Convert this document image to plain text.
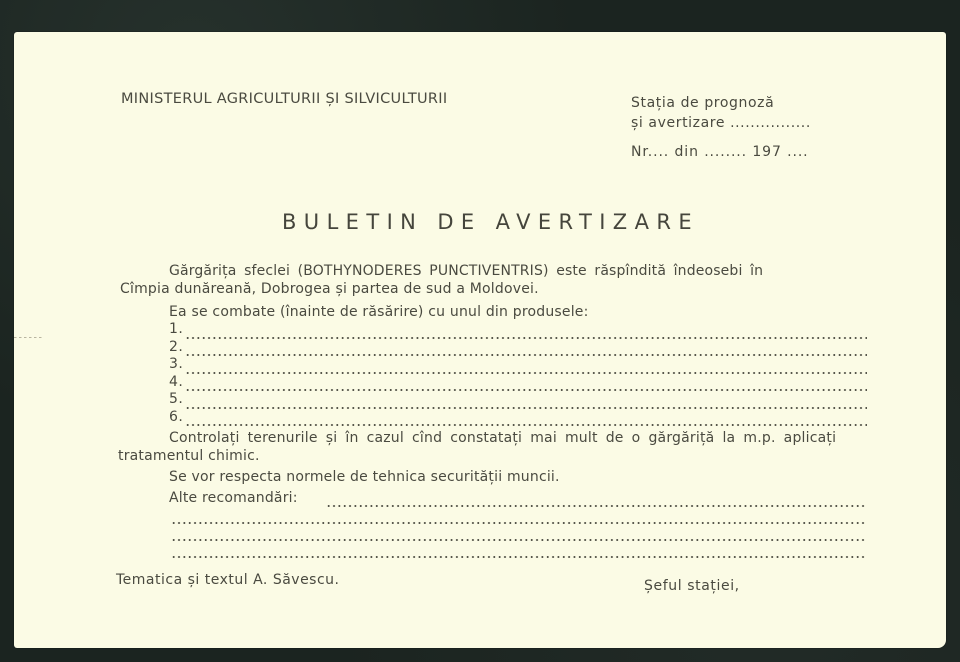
MINISTERUL AGRICULTURII ȘI SILVICULTURII	Stația de prognoză
și avertizare ................
Nr.... din ........ 197 ....
BULETIN DE AVERTIZARE
Gărgărița sfeclei (BOTHYNODERES PUNCTIVENTRIS) este răspîndită îndeosebi în
Cîmpia dunăreană, Dobrogea și partea de sud a Moldovei.
Ea se combate (înainte de răsărire) cu unul din produsele:
1.
2.
3.
4.
5.
6.
Controlați terenurile și în cazul cînd constatați mai mult de o gărgăriță la m.p. aplicați
tratamentul chimic.
Se vor respecta normele de tehnica securității muncii.
Alte recomandări:
Tematica și textul A. Săvescu.	Șeful stației,
